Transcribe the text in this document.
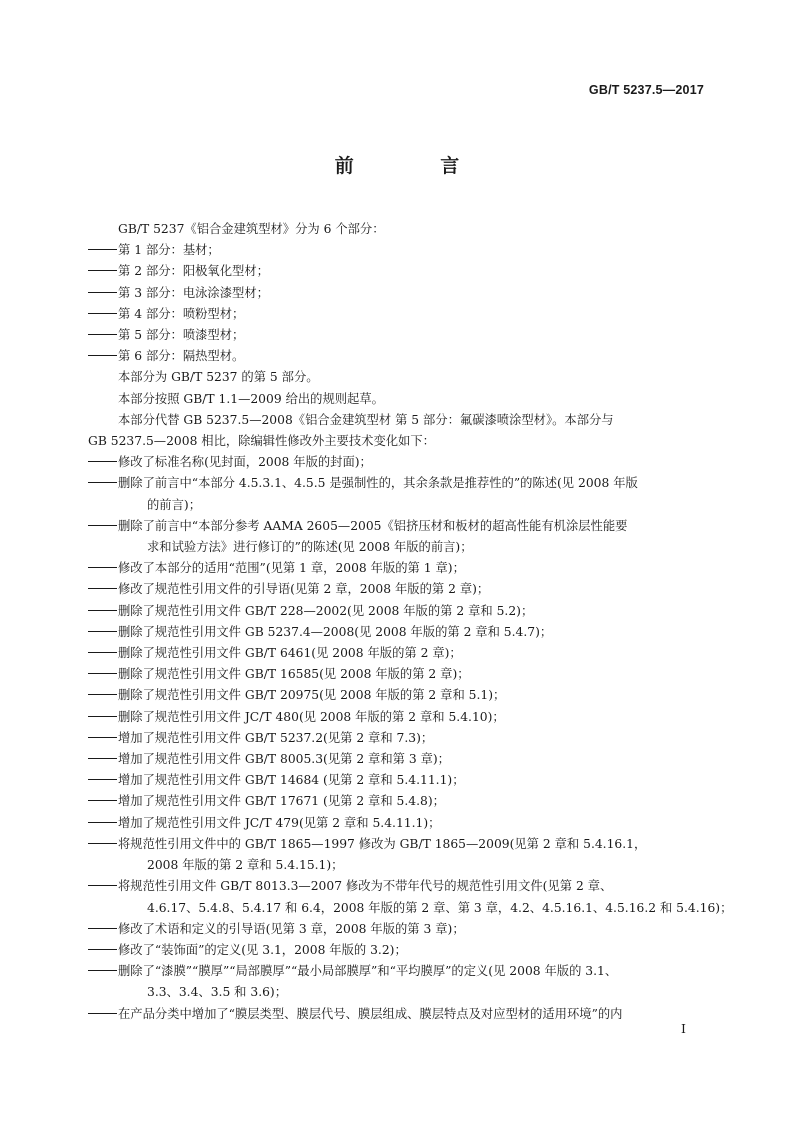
GB/T 5237.5—2017
前 言
GB/T 5237《铝合金建筑型材》分为 6 个部分：
第 1 部分：基材；
第 2 部分：阳极氧化型材；
第 3 部分：电泳涂漆型材；
第 4 部分：喷粉型材；
第 5 部分：喷漆型材；
第 6 部分：隔热型材。
本部分为 GB/T 5237 的第 5 部分。
本部分按照 GB/T 1.1—2009 给出的规则起草。
本部分代替 GB 5237.5—2008《铝合金建筑型材 第 5 部分：氟碳漆喷涂型材》。本部分与
GB 5237.5—2008 相比，除编辑性修改外主要技术变化如下：
修改了标准名称(见封面，2008 年版的封面)；
删除了前言中“本部分 4.5.3.1、4.5.5 是强制性的，其余条款是推荐性的”的陈述(见 2008 年版
的前言)；
删除了前言中“本部分参考 AAMA 2605—2005《铝挤压材和板材的超高性能有机涂层性能要
求和试验方法》进行修订的”的陈述(见 2008 年版的前言)；
修改了本部分的适用“范围”(见第 1 章，2008 年版的第 1 章)；
修改了规范性引用文件的引导语(见第 2 章，2008 年版的第 2 章)；
删除了规范性引用文件 GB/T 228—2002(见 2008 年版的第 2 章和 5.2)；
删除了规范性引用文件 GB 5237.4—2008(见 2008 年版的第 2 章和 5.4.7)；
删除了规范性引用文件 GB/T 6461(见 2008 年版的第 2 章)；
删除了规范性引用文件 GB/T 16585(见 2008 年版的第 2 章)；
删除了规范性引用文件 GB/T 20975(见 2008 年版的第 2 章和 5.1)；
删除了规范性引用文件 JC/T 480(见 2008 年版的第 2 章和 5.4.10)；
增加了规范性引用文件 GB/T 5237.2(见第 2 章和 7.3)；
增加了规范性引用文件 GB/T 8005.3(见第 2 章和第 3 章)；
增加了规范性引用文件 GB/T 14684 (见第 2 章和 5.4.11.1)；
增加了规范性引用文件 GB/T 17671 (见第 2 章和 5.4.8)；
增加了规范性引用文件 JC/T 479(见第 2 章和 5.4.11.1)；
将规范性引用文件中的 GB/T 1865—1997 修改为 GB/T 1865—2009(见第 2 章和 5.4.16.1，
2008 年版的第 2 章和 5.4.15.1)；
将规范性引用文件 GB/T 8013.3—2007 修改为不带年代号的规范性引用文件(见第 2 章、
4.6.17、5.4.8、5.4.17 和 6.4，2008 年版的第 2 章、第 3 章，4.2、4.5.16.1、4.5.16.2 和 5.4.16)；
修改了术语和定义的引导语(见第 3 章，2008 年版的第 3 章)；
修改了“装饰面”的定义(见 3.1，2008 年版的 3.2)；
删除了“漆膜”“膜厚”“局部膜厚”“最小局部膜厚”和“平均膜厚”的定义(见 2008 年版的 3.1、
3.3、3.4、3.5 和 3.6)；
在产品分类中增加了“膜层类型、膜层代号、膜层组成、膜层特点及对应型材的适用环境”的内
I
